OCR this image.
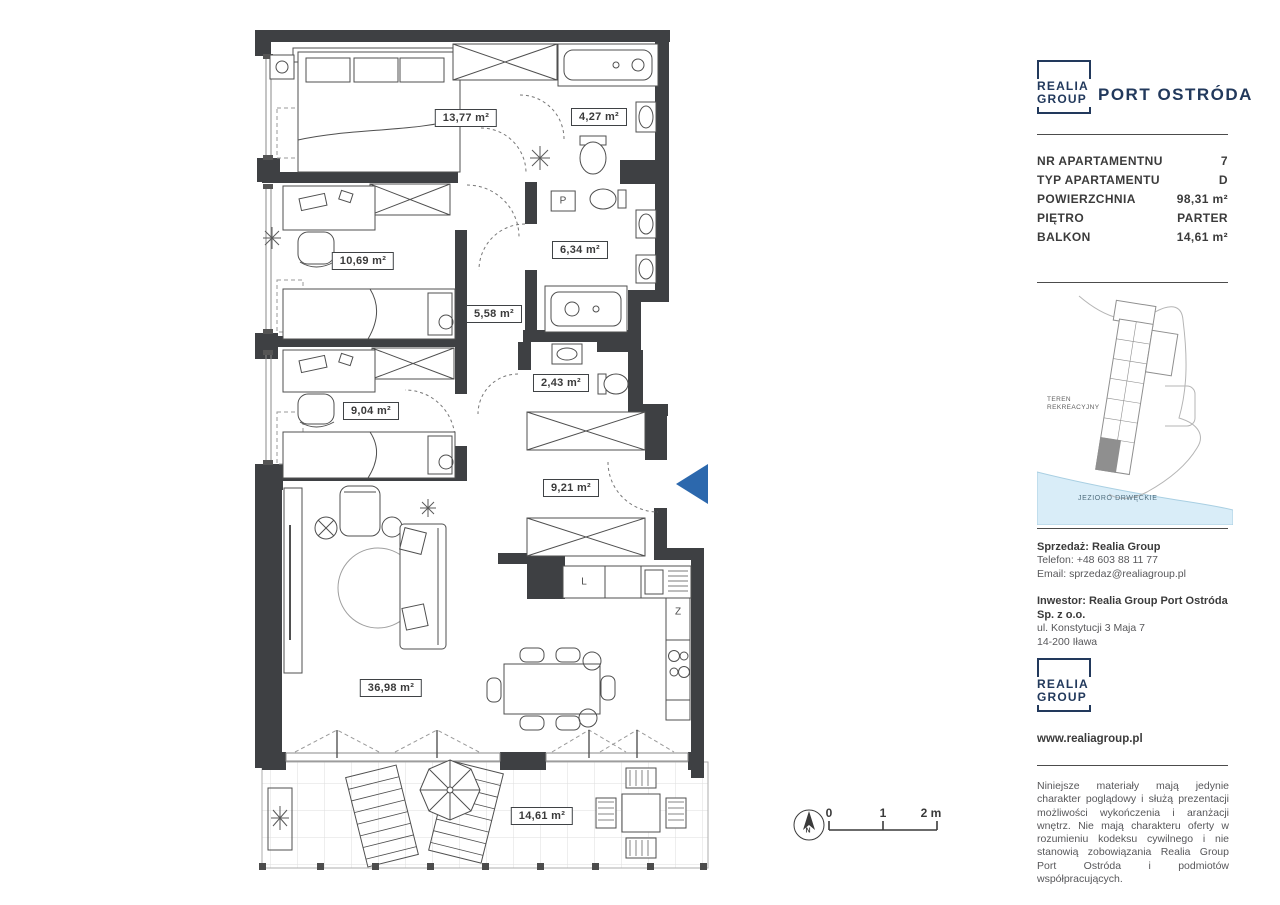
13,77 m²	4,27 m²
10,69 m²
6,34 m²
5,58 m²
2,43 m²
9,04 m²
9,21 m²
36,98 m²
14,61 m²
P
L
Z
0	1	2 m
N
REALIA
GROUP PORT OSTRÓDA
NR APARTAMENTNU	7
TYP APARTAMENTU	D
POWIERZCHNIA	98,31 m²
PIĘTRO	PARTER
BALKON	14,61 m²
TEREN
REKREACYJNY
JEZIORO DRWĘCKIE
Sprzedaż: Realia Group
Telefon: +48 603 88 11 77
Email: sprzedaz@realiagroup.pl
Inwestor: Realia Group Port Ostróda Sp. z o.o.
ul. Konstytucji 3 Maja 7
14-200 Iława
REALIA
GROUP
www.realiagroup.pl
Niniejsze materiały mają jedynie charakter poglądowy i służą prezentacji możliwości wykończenia i aranżacji wnętrz. Nie mają charakteru oferty w rozumieniu kodeksu cywilnego i nie stanowią zobowiązania Realia Group Port Ostróda i podmiotów współpracujących.
